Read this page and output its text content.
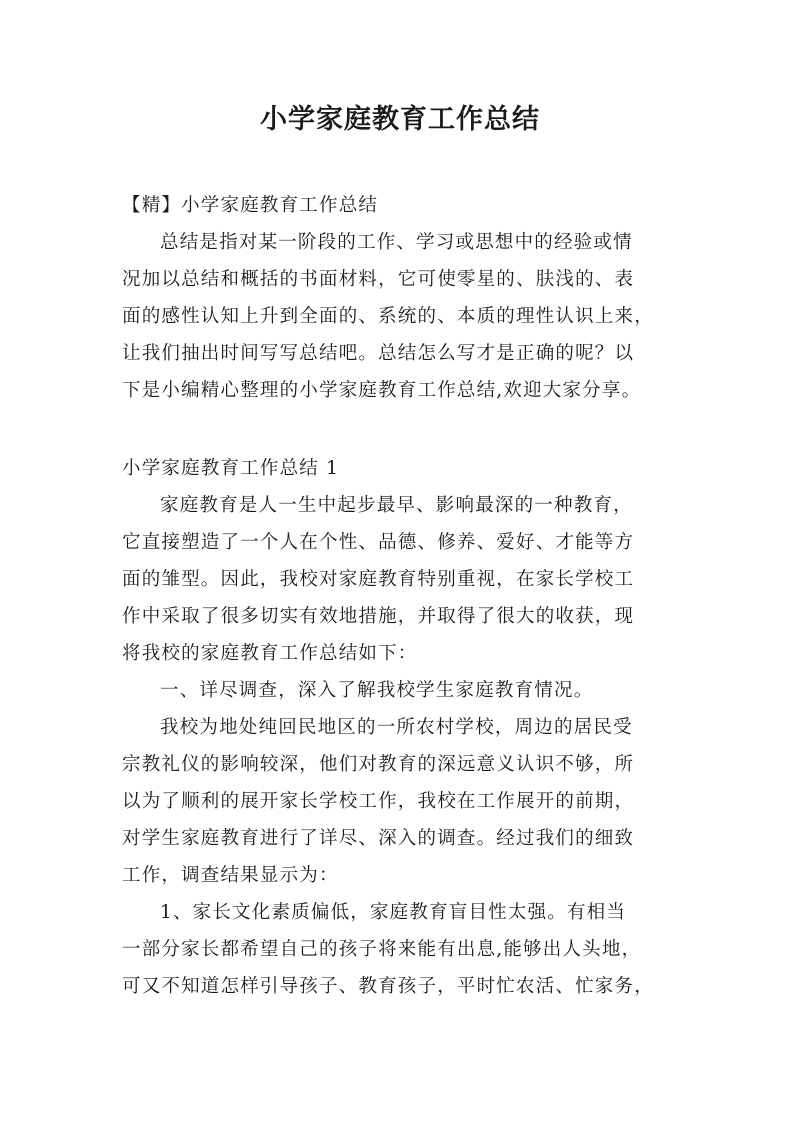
小学家庭教育工作总结
【精】小学家庭教育工作总结
总结是指对某一阶段的工作、学习或思想中的经验或情
况加以总结和概括的书面材料，它可使零星的、肤浅的、表
面的感性认知上升到全面的、系统的、本质的理性认识上来，
让我们抽出时间写写总结吧。总结怎么写才是正确的呢？以
下是小编精心整理的小学家庭教育工作总结,欢迎大家分享。
小学家庭教育工作总结 1
家庭教育是人一生中起步最早、影响最深的一种教育，
它直接塑造了一个人在个性、品德、修养、爱好、才能等方
面的雏型。因此，我校对家庭教育特别重视，在家长学校工
作中采取了很多切实有效地措施，并取得了很大的收获，现
将我校的家庭教育工作总结如下：
一、详尽调查，深入了解我校学生家庭教育情况。
我校为地处纯回民地区的一所农村学校，周边的居民受
宗教礼仪的影响较深，他们对教育的深远意义认识不够，所
以为了顺利的展开家长学校工作，我校在工作展开的前期，
对学生家庭教育进行了详尽、深入的调查。经过我们的细致
工作，调查结果显示为：
1、家长文化素质偏低，家庭教育盲目性太强。有相当
一部分家长都希望自己的孩子将来能有出息,能够出人头地，
可又不知道怎样引导孩子、教育孩子，平时忙农活、忙家务，
